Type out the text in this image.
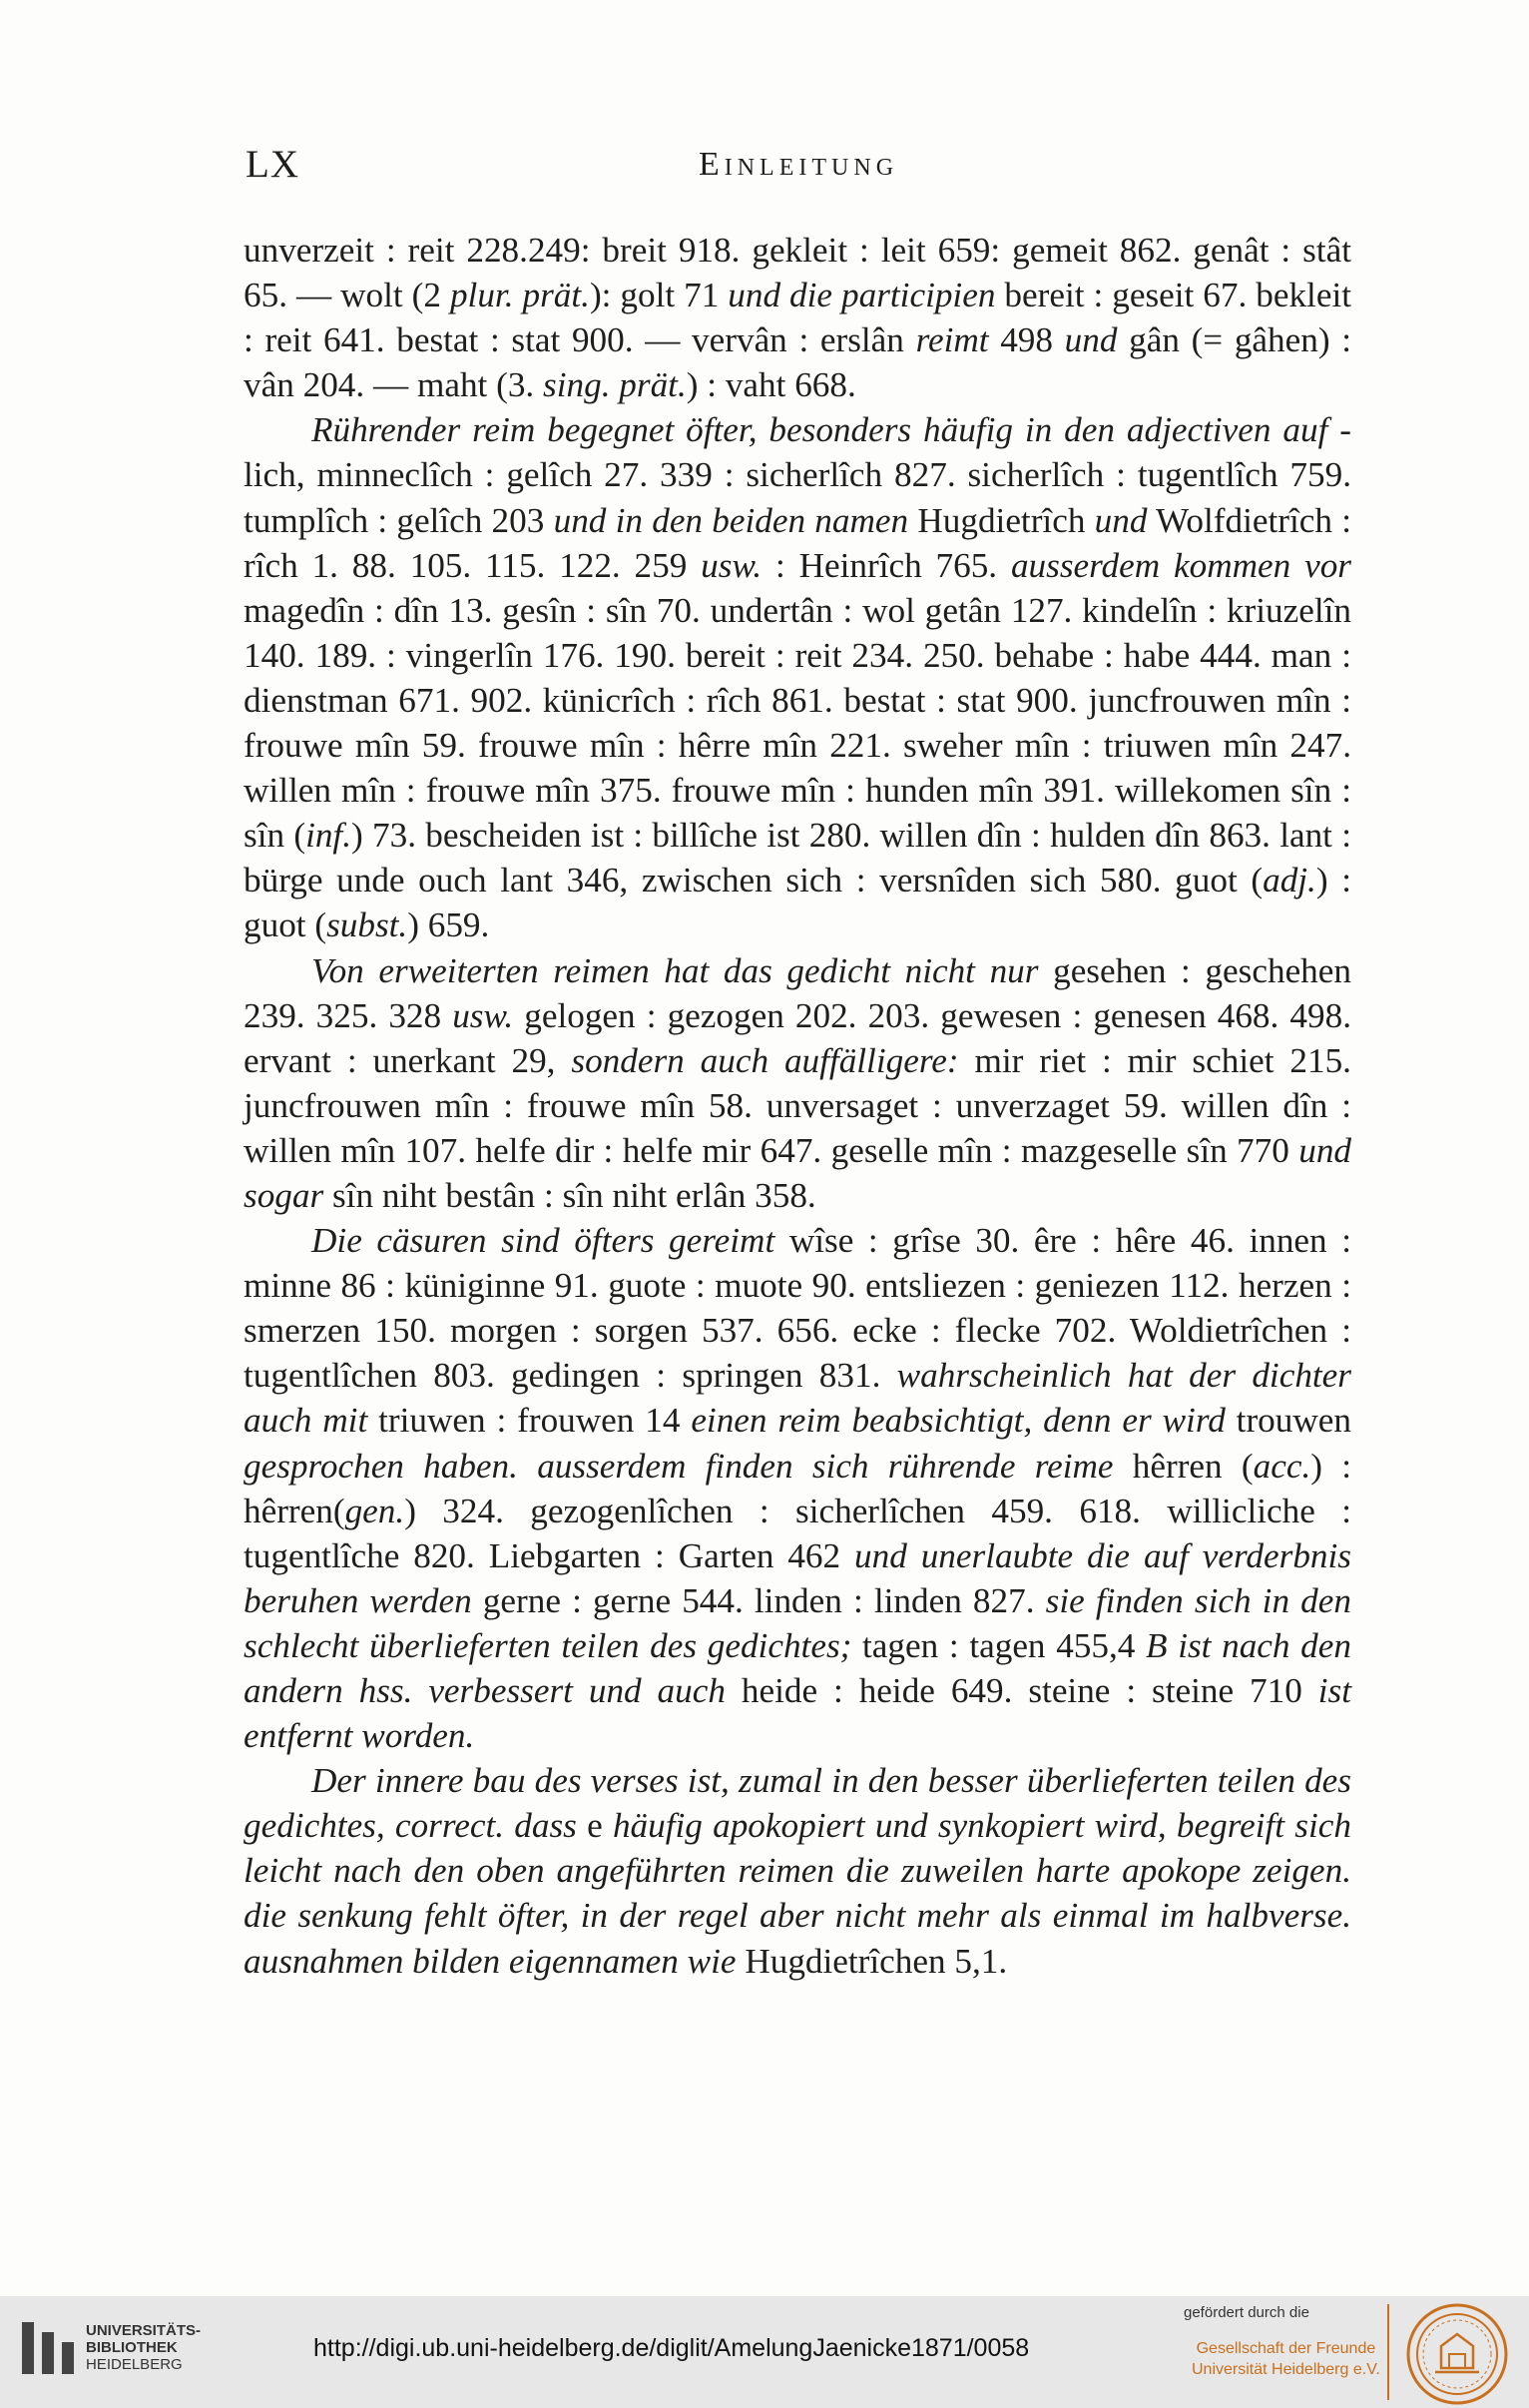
LX	Einleitung

unverzeit : reit 228.249: breit 918. gekleit : leit 659: gemeit 862. genât : stât 65. — wolt (2 plur. prät.): golt 71 und die participien bereit : geseit 67. bekleit : reit 641. bestat : stat 900. — vervân : erslân reimt 498 und gân (= gâhen) : vân 204. — maht (3. sing. prät.) : vaht 668.

Rührender reim begegnet öfter, besonders häufig in den adjectiven auf -lich, minneclîch : gelîch 27. 339 : sicherlîch 827. sicherlîch : tugentlîch 759. tumplîch : gelîch 203 und in den beiden namen Hugdietrîch und Wolfdietrîch : rîch 1. 88. 105. 115. 122. 259 usw. : Heinrîch 765. ausserdem kommen vor magedîn : dîn 13. gesîn : sîn 70. undertân : wol getân 127. kindelîn : kriuzelîn 140. 189. : vingerlîn 176. 190. bereit : reit 234. 250. behabe : habe 444. man : dienstman 671. 902. künicrîch : rîch 861. bestat : stat 900. juncfrouwen mîn : frouwe mîn 59. frouwe mîn : hêrre mîn 221. sweher mîn : triuwen mîn 247. willen mîn : frouwe mîn 375. frouwe mîn : hunden mîn 391. willekomen sîn : sîn (inf.) 73. bescheiden ist : billîche ist 280. willen dîn : hulden dîn 863. lant : bürge unde ouch lant 346, zwischen sich : versnîden sich 580. guot (adj.) : guot (subst.) 659.

Von erweiterten reimen hat das gedicht nicht nur gesehen : geschehen 239. 325. 328 usw. gelogen : gezogen 202. 203. gewesen : genesen 468. 498. ervant : unerkant 29, sondern auch auffälligere: mir riet : mir schiet 215. juncfrouwen mîn : frouwe mîn 58. unversaget : unverzaget 59. willen dîn : willen mîn 107. helfe dir : helfe mir 647. geselle mîn : mazgeselle sîn 770 und sogar sîn niht bestân : sîn niht erlân 358.

Die cäsuren sind öfters gereimt wîse : grîse 30. êre : hêre 46. innen : minne 86 : küniginne 91. guote : muote 90. entsliezen : geniezen 112. herzen : smerzen 150. morgen : sorgen 537. 656. ecke : flecke 702. Woldietrîchen : tugentlîchen 803. gedingen : springen 831. wahrscheinlich hat der dichter auch mit triuwen : frouwen 14 einen reim beabsichtigt, denn er wird trouwen gesprochen haben. ausserdem finden sich rührende reime hêrren (acc.) : hêrren(gen.) 324. gezogenlîchen : sicherlîchen 459. 618. willicliche : tugentlîche 820. Liebgarten : Garten 462 und unerlaubte die auf verderbnis beruhen werden gerne : gerne 544. linden : linden 827. sie finden sich in den schlecht überlieferten teilen des gedichtes; tagen : tagen 455,4 B ist nach den andern hss. verbessert und auch heide : heide 649. steine : steine 710 ist entfernt worden.

Der innere bau des verses ist, zumal in den besser überlieferten teilen des gedichtes, correct. dass e häufig apokopiert und synkopiert wird, begreift sich leicht nach den oben angeführten reimen die zuweilen harte apokope zeigen. die senkung fehlt öfter, in der regel aber nicht mehr als einmal im halbverse. ausnahmen bilden eigennamen wie Hugdietrîchen 5,1.

UNIVERSITÄTS-
BIBLIOTHEK
HEIDELBERG
http://digi.ub.uni-heidelberg.de/diglit/AmelungJaenicke1871/0058
gefördert durch die
Gesellschaft der Freunde
Universität Heidelberg e.V.
